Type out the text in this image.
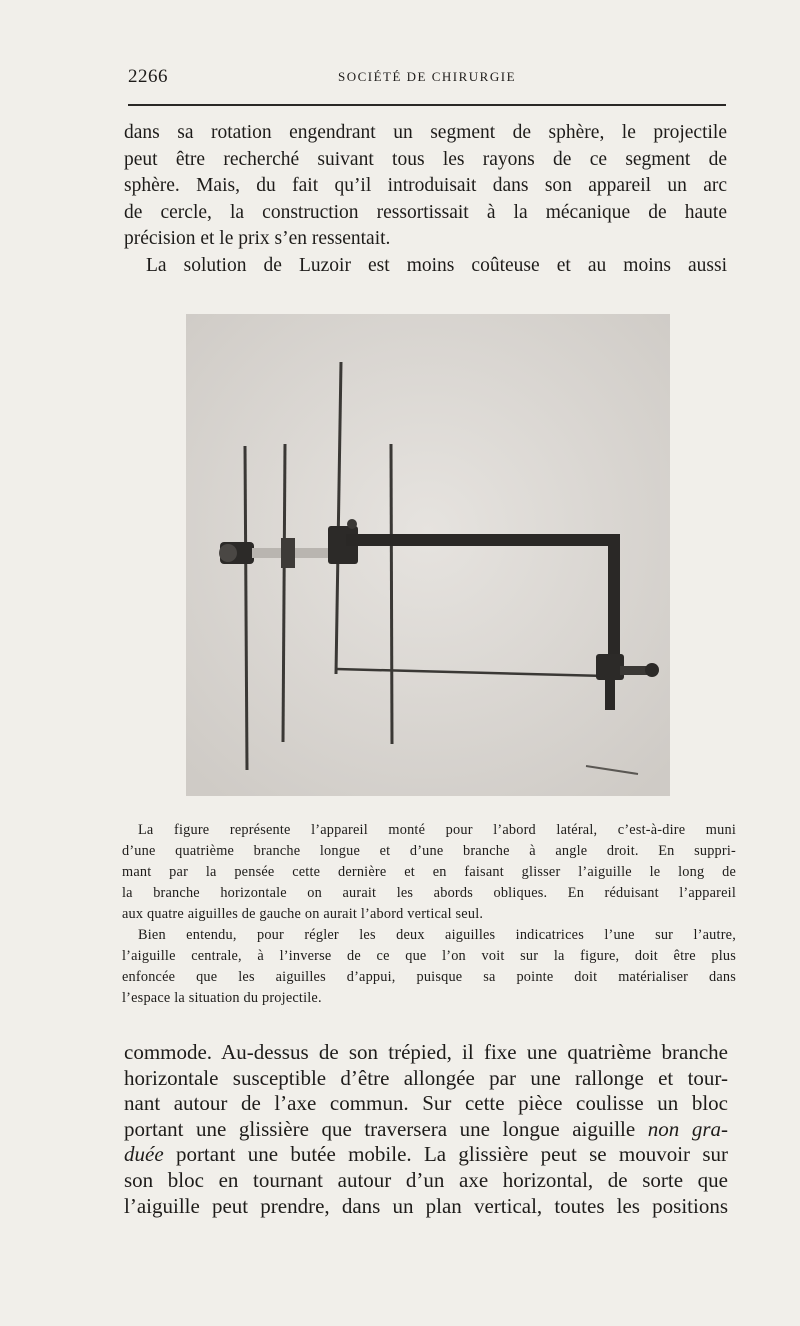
2266	SOCIÉTÉ DE CHIRURGIE
dans sa rotation engendrant un segment de sphère, le projectile
peut être recherché suivant tous les rayons de ce segment de
sphère. Mais, du fait qu’il introduisait dans son appareil un arc
de cercle, la construction ressortissait à la mécanique de haute
précision et le prix s’en ressentait.
La solution de Luzoir est moins coûteuse et au moins aussi
La figure représente l’appareil monté pour l’abord latéral, c’est-à-dire muni
d’une quatrième branche longue et d’une branche à angle droit. En suppri-
mant par la pensée cette dernière et en faisant glisser l’aiguille le long de
la branche horizontale on aurait les abords obliques. En réduisant l’appareil
aux quatre aiguilles de gauche on aurait l’abord vertical seul.
Bien entendu, pour régler les deux aiguilles indicatrices l’une sur l’autre,
l’aiguille centrale, à l’inverse de ce que l’on voit sur la figure, doit être plus
enfoncée que les aiguilles d’appui, puisque sa pointe doit matérialiser dans
l’espace la situation du projectile.
commode. Au-dessus de son trépied, il fixe une quatrième branche
horizontale susceptible d’être allongée par une rallonge et tour-
nant autour de l’axe commun. Sur cette pièce coulisse un bloc
portant une glissière que traversera une longue aiguille non gra-
duée portant une butée mobile. La glissière peut se mouvoir sur
son bloc en tournant autour d’un axe horizontal, de sorte que
l’aiguille peut prendre, dans un plan vertical, toutes les positions
